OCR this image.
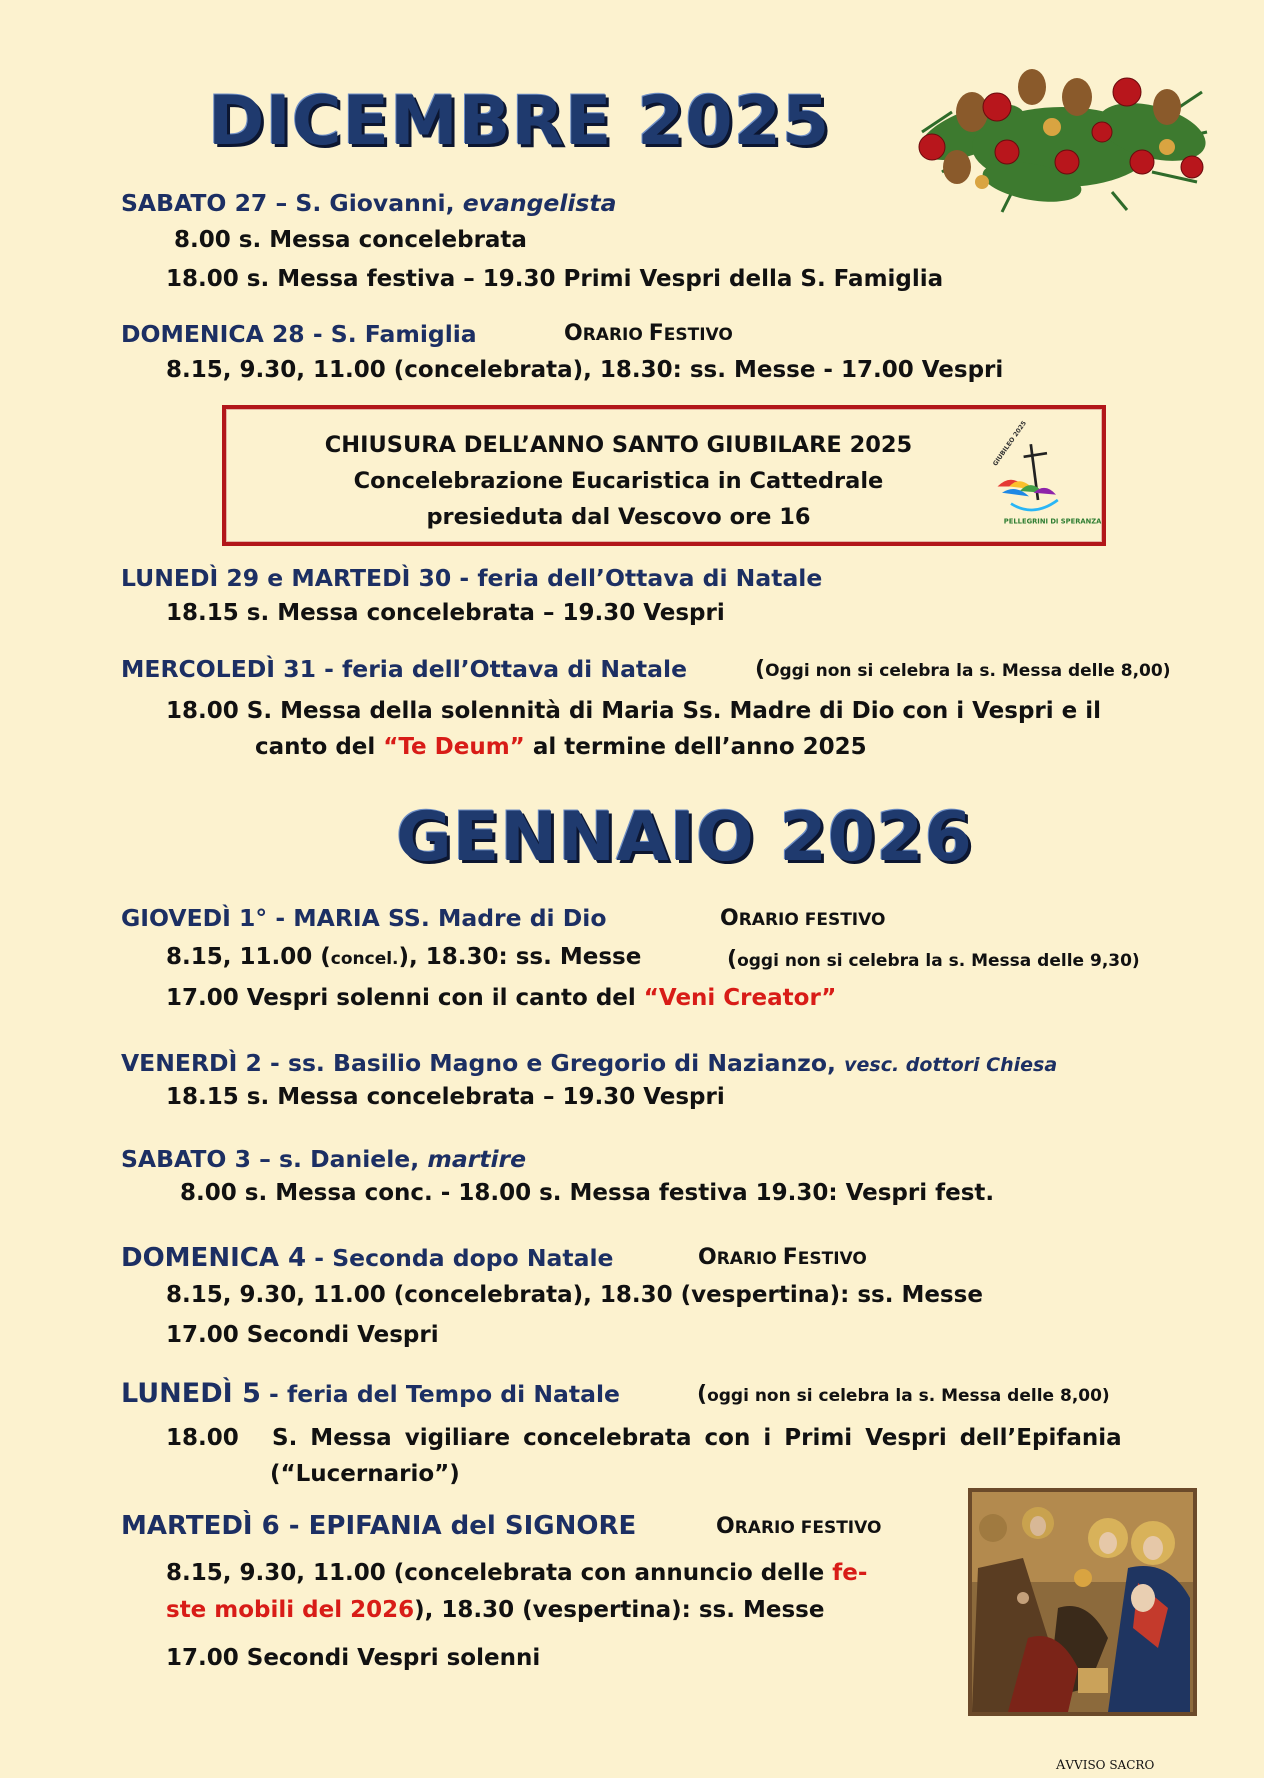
DICEMBRE 2025
SABATO 27 – S. Giovanni, evangelista
8.00 s. Messa concelebrata
18.00 s. Messa festiva – 19.30 Primi Vespri della S. Famiglia
DOMENICA 28 - S. Famiglia	ORARIO FESTIVO
8.15, 9.30, 11.00 (concelebrata), 18.30: ss. Messe - 17.00 Vespri
CHIUSURA DELL’ANNO SANTO GIUBILARE 2025
Concelebrazione Eucaristica in Cattedrale
presieduta dal Vescovo ore 16
GIUBILEO 2025
PELLEGRINI DI SPERANZA
LUNEDÌ 29 e MARTEDÌ 30 - feria dell’Ottava di Natale
18.15 s. Messa concelebrata – 19.30 Vespri
MERCOLEDÌ 31 - feria dell’Ottava di Natale	(Oggi non si celebra la s. Messa delle 8,00)
18.00 S. Messa della solennità di Maria Ss. Madre di Dio con i Vespri e il
canto del “Te Deum” al termine dell’anno 2025
GENNAIO 2026
GIOVEDÌ 1° - MARIA SS. Madre di Dio	ORARIO FESTIVO
8.15, 11.00 (concel.), 18.30: ss. Messe	(oggi non si celebra la s. Messa delle 9,30)
17.00 Vespri solenni con il canto del “Veni Creator”
VENERDÌ 2 - ss. Basilio Magno e Gregorio di Nazianzo, vesc. dottori Chiesa
18.15 s. Messa concelebrata – 19.30 Vespri
SABATO 3 – s. Daniele, martire
8.00 s. Messa conc. - 18.00 s. Messa festiva 19.30: Vespri fest.
DOMENICA 4 - Seconda dopo Natale	ORARIO FESTIVO
8.15, 9.30, 11.00 (concelebrata), 18.30 (vespertina): ss. Messe
17.00 Secondi Vespri
LUNEDÌ 5 - feria del Tempo di Natale	(oggi non si celebra la s. Messa delle 8,00)
18.00 S. Messa vigiliare concelebrata con i Primi Vespri dell’Epifania
(“Lucernario”)
MARTEDÌ 6 - EPIFANIA del SIGNORE	ORARIO FESTIVO
8.15, 9.30, 11.00 (concelebrata con annuncio delle fe-
ste mobili del 2026), 18.30 (vespertina): ss. Messe
17.00 Secondi Vespri solenni
AVVISO SACRO
